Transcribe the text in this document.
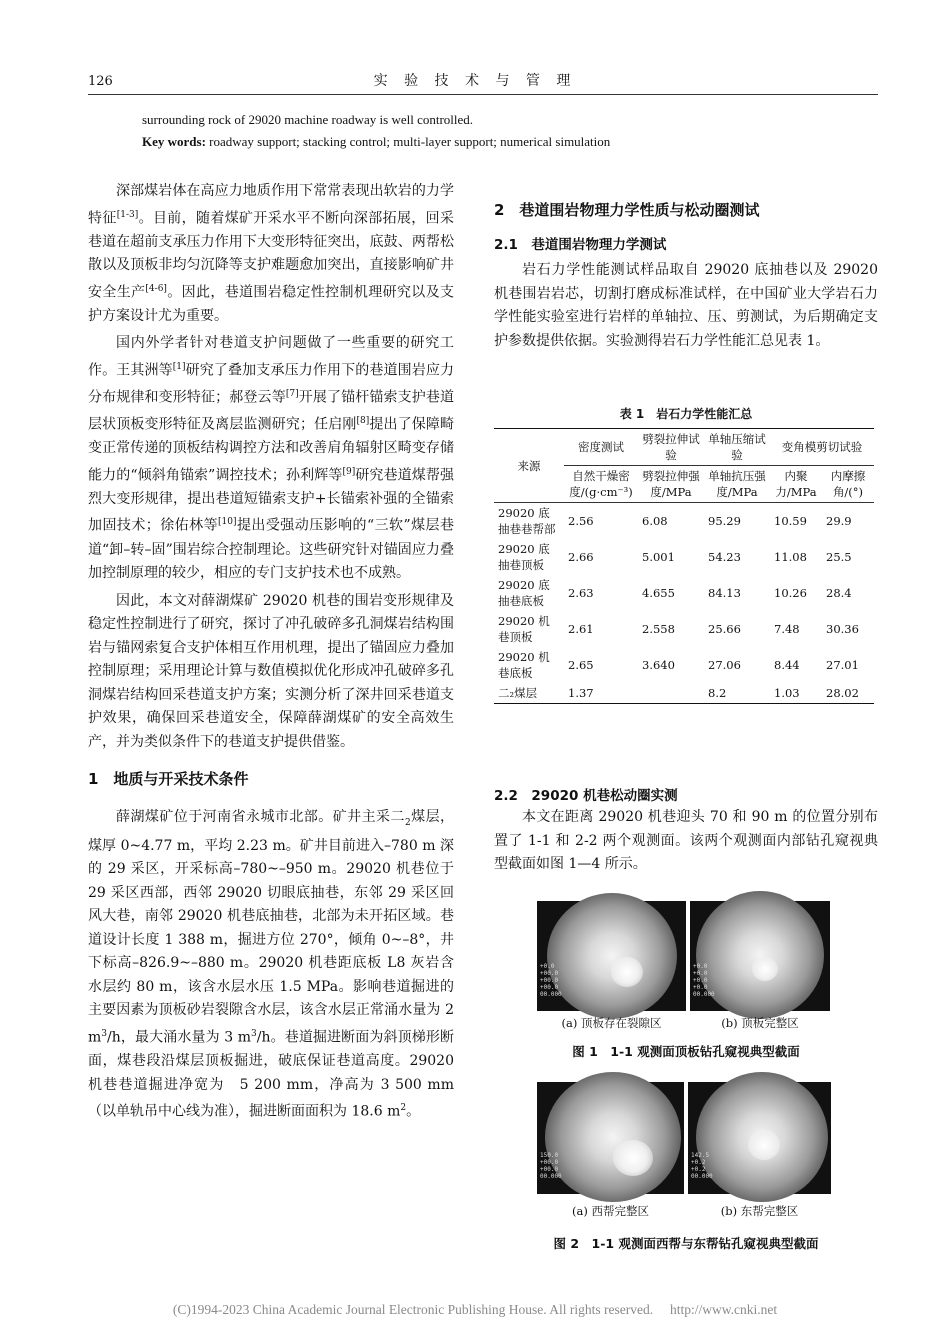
126	实 验 技 术 与 管 理
surrounding rock of 29020 machine roadway is well controlled.
Key words: roadway support; stacking control; multi-layer support; numerical simulation

深部煤岩体在高应力地质作用下常常表现出软岩的力学特征[1-3]。目前，随着煤矿开采水平不断向深部拓展，回采巷道在超前支承压力作用下大变形特征突出，底鼓、两帮松散以及顶板非均匀沉降等支护难题愈加突出，直接影响矿井安全生产[4-6]。因此，巷道围岩稳定性控制机理研究以及支护方案设计尤为重要。

国内外学者针对巷道支护问题做了一些重要的研究工作。王其洲等[1]研究了叠加支承压力作用下的巷道围岩应力分布规律和变形特征；郝登云等[7]开展了锚杆锚索支护巷道层状顶板变形特征及离层监测研究；任启刚[8]提出了保障畸变正常传递的顶板结构调控方法和改善肩角辐射区畸变存储能力的“倾斜角锚索”调控技术；孙利辉等[9]研究巷道煤帮强烈大变形规律，提出巷道短锚索支护+长锚索补强的全锚索加固技术；徐佑林等[10]提出受强动压影响的“三软”煤层巷道“卸–转–固”围岩综合控制理论。这些研究针对锚固应力叠加控制原理的较少，相应的专门支护技术也不成熟。

因此，本文对薛湖煤矿 29020 机巷的围岩变形规律及稳定性控制进行了研究，探讨了冲孔破碎多孔洞煤岩结构围岩与锚网索复合支护体相互作用机理，提出了锚固应力叠加控制原理；采用理论计算与数值模拟优化形成冲孔破碎多孔洞煤岩结构回采巷道支护方案；实测分析了深井回采巷道支护效果，确保回采巷道安全，保障薛湖煤矿的安全高效生产，并为类似条件下的巷道支护提供借鉴。

1　地质与开采技术条件

薛湖煤矿位于河南省永城市北部。矿井主采二$_2$煤层，煤厚 0~4.77 m，平均 2.23 m。矿井目前进入–780 m 深的 29 采区，开采标高–780~–950 m。29020 机巷位于 29 采区西部，西邻 29020 切眼底抽巷，东邻 29 采区回风大巷，南邻 29020 机巷底抽巷，北部为未开拓区域。巷道设计长度 1 388 m，掘进方位 270°，倾角 0~–8°，井下标高–826.9~–880 m。29020 机巷距底板 L8 灰岩含水层约 80 m，该含水层水压 1.5 MPa。影响巷道掘进的主要因素为顶板砂岩裂隙含水层，该含水层正常涌水量为 2 $m^3/h$，最大涌水量为 3 $m^3/h$。巷道掘进断面为斜顶梯形断面，煤巷段沿煤层顶板掘进，破底保证巷道高度。29020 机巷巷道掘进净宽为　5 200 mm，净高为 3 500 mm（以单轨吊中心线为准），掘进断面面积为 18.6 $m^2$。

2　巷道围岩物理力学性质与松动圈测试
2.1　巷道围岩物理力学测试

岩石力学性能测试样品取自 29020 底抽巷以及 29020 机巷围岩岩芯，切割打磨成标准试样，在中国矿业大学岩石力学性能实验室进行岩样的单轴拉、压、剪测试，为后期确定支护参数提供依据。实验测得岩石力学性能汇总见表 1。

表 1　岩石力学性能汇总
来源	密度测试	劈裂拉伸试验	单轴压缩试验	变角模剪切试验	
	自然干燥密度/(g·cm⁻³)	劈裂拉伸强度/MPa	单轴抗压强度/MPa	内聚力/MPa	内摩擦角/(°)
29020 底抽巷巷帮部	2.56	6.08	95.29	10.59	29.9
29020 底抽巷顶板	2.66	5.001	54.23	11.08	25.5
29020 底抽巷底板	2.63	4.655	84.13	10.26	28.4
29020 机巷顶板	2.61	2.558	25.66	7.48	30.36
29020 机巷底板	2.65	3.640	27.06	8.44	27.01
二₂煤层	1.37		8.2	1.03	28.02
2.2　29020 机巷松动圈实测

本文在距离 29020 机巷迎头 70 和 90 m 的位置分别布置了 1-1 和 2-2 两个观测面。该两个观测面内部钻孔窥视典型截面如图 1—4 所示。

+0.0
+00.0
+00.0
+00.0
00.000
+0.0
+0.0
+0.0
+0.0
00.000
(a) 顶板存在裂隙区	(b) 顶板完整区
图 1　1-1 观测面顶板钻孔窥视典型截面
150.0
+00.0
+00.0
00.000
142.5
+0.2
+0.2
00.000
(a) 西帮完整区	(b) 东帮完整区
图 2　1-1 观测面西帮与东帮钻孔窥视典型截面
(C)1994-2023 China Academic Journal Electronic Publishing House. All rights reserved.　 http://www.cnki.net
